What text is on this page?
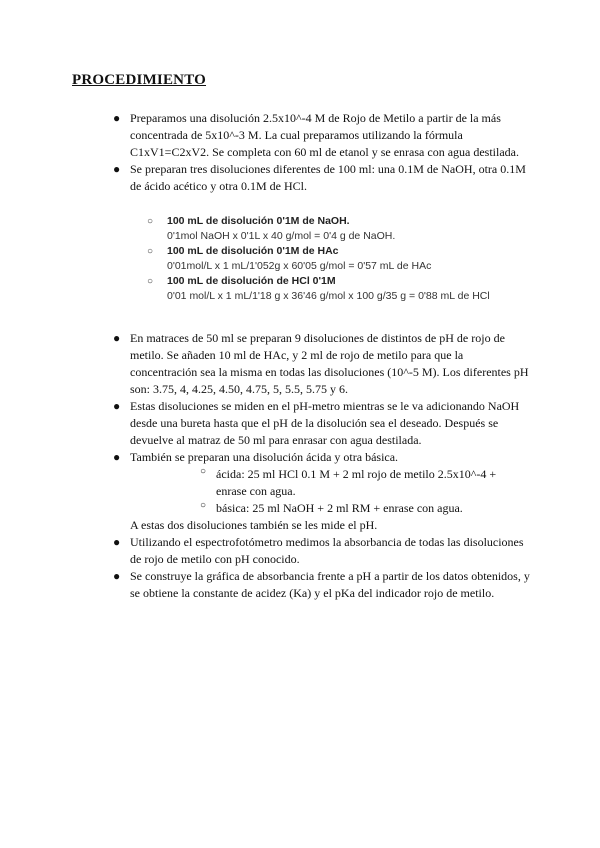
PROCEDIMIENTO
● Preparamos una disolución 2.5x10^-4 M de Rojo de Metilo a partir de la más concentrada de 5x10^-3 M. La cual preparamos utilizando la fórmula C1xV1=C2xV2. Se completa con 60 ml de etanol y se enrasa con agua destilada.
● Se preparan tres disoluciones diferentes de 100 ml: una 0.1M de NaOH, otra 0.1M de ácido acético y otra 0.1M de HCl.
○ 100 mL de disolución 0'1M de NaOH.
0'1mol NaOH x 0'1L x 40 g/mol = 0'4 g de NaOH.
○ 100 mL de disolución 0'1M de HAc
0'01mol/L x 1 mL/1'052g x 60'05 g/mol = 0'57 mL de HAc
○ 100 mL de disolución de HCl 0'1M
0'01 mol/L x 1 mL/1'18 g x 36'46 g/mol x 100 g/35 g = 0'88 mL de HCl
● En matraces de 50 ml se preparan 9 disoluciones de distintos de pH de rojo de metilo. Se añaden 10 ml de HAc, y 2 ml de rojo de metilo para que la concentración sea la misma en todas las disoluciones (10^-5 M). Los diferentes pH son: 3.75, 4, 4.25, 4.50, 4.75, 5, 5.5, 5.75 y 6.
● Estas disoluciones se miden en el pH-metro mientras se le va adicionando NaOH desde una bureta hasta que el pH de la disolución sea el deseado. Después se devuelve al matraz de 50 ml para enrasar con agua destilada.
● También se preparan una disolución ácida y otra básica.
○ ácida: 25 ml HCl 0.1 M + 2 ml rojo de metilo 2.5x10^-4 + enrase con agua.
○ básica: 25 ml NaOH + 2 ml RM + enrase con agua.
A estas dos disoluciones también se les mide el pH.
● Utilizando el espectrofotómetro medimos la absorbancia de todas las disoluciones de rojo de metilo con pH conocido.
● Se construye la gráfica de absorbancia frente a pH a partir de los datos obtenidos, y se obtiene la constante de acidez (Ka) y el pKa del indicador rojo de metilo.
